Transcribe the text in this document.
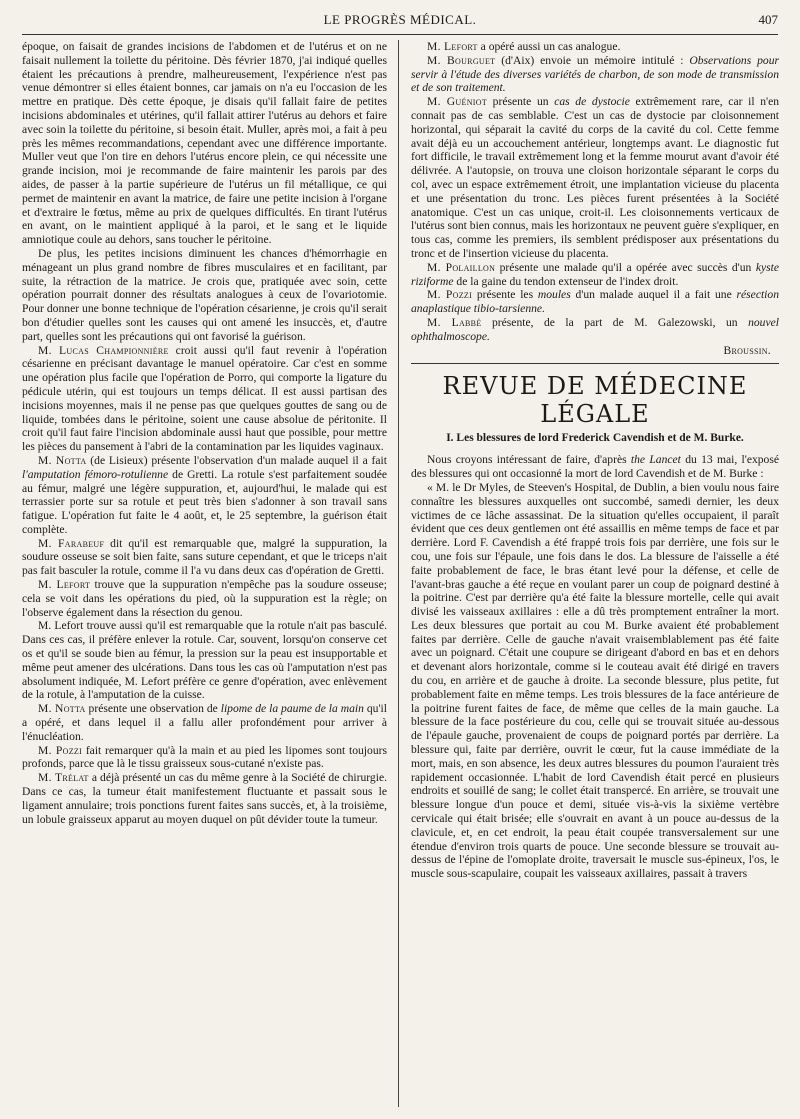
LE PROGRÈS MÉDICAL.	407

époque, on faisait de grandes incisions de l'abdomen et de l'utérus et on ne faisait nullement la toilette du péritoine. Dès février 1870, j'ai indiqué quelles étaient les précautions à prendre, malheureusement, l'expérience n'est pas venue démontrer si elles étaient bonnes, car jamais on n'a eu l'occasion de les mettre en pratique. Dès cette époque, je disais qu'il fallait faire de petites incisions abdominales et utérines, qu'il fallait attirer l'utérus au dehors et faire avec soin la toilette du péritoine, si besoin était. Muller, après moi, a fait à peu près les mêmes recommandations, cependant avec une différence importante. Muller veut que l'on tire en dehors l'utérus encore plein, ce qui nécessite une grande incision, moi je recommande de faire maintenir les parois par des aides, de passer à la partie supérieure de l'utérus un fil métallique, ce qui permet de maintenir en avant la matrice, de faire une petite incision à l'organe et d'extraire le fœtus, même au prix de quelques difficultés. En tirant l'utérus en avant, on le maintient appliqué à la paroi, et le sang et le liquide amniotique coule au dehors, sans toucher le péritoine.

De plus, les petites incisions diminuent les chances d'hémorrhagie en ménageant un plus grand nombre de fibres musculaires et en facilitant, par suite, la rétraction de la matrice. Je crois que, pratiquée avec soin, cette opération pourrait donner des résultats analogues à ceux de l'ovariotomie. Pour donner une bonne technique de l'opération césarienne, je crois qu'il serait bon d'étudier quelles sont les causes qui ont amené les insuccès, et, d'autre part, quelles sont les précautions qui ont favorisé la guérison.

M. Lucas Championnière croit aussi qu'il faut revenir à l'opération césarienne en précisant davantage le manuel opératoire. Car c'est en somme une opération plus facile que l'opération de Porro, qui comporte la ligature du pédicule utérin, qui est toujours un temps délicat. Il est aussi partisan des incisions moyennes, mais il ne pense pas que quelques gouttes de sang ou de liquide, tombées dans le péritoine, soient une cause absolue de péritonite. Il croit qu'il faut faire l'incision abdominale aussi haut que possible, pour mettre les pièces du pansement à l'abri de la contamination par les liquides vaginaux.

M. Notta (de Lisieux) présente l'observation d'un malade auquel il a fait l'amputation fémoro-rotulienne de Gretti. La rotule s'est parfaitement soudée au fémur, malgré une légère suppuration, et, aujourd'hui, le malade qui est terrassier porte sur sa rotule et peut très bien s'adonner à son travail sans fatigue. L'opération fut faite le 4 août, et, le 25 septembre, la guérison était complète.

M. Farabeuf dit qu'il est remarquable que, malgré la suppuration, la soudure osseuse se soit bien faite, sans suture cependant, et que le triceps n'ait pas fait basculer la rotule, comme il l'a vu dans deux cas d'opération de Gretti.

M. Lefort trouve que la suppuration n'empêche pas la soudure osseuse; cela se voit dans les opérations du pied, où la suppuration est la règle; on l'observe également dans la résection du genou.

M. Lefort trouve aussi qu'il est remarquable que la rotule n'ait pas basculé. Dans ces cas, il préfère enlever la rotule. Car, souvent, lorsqu'on conserve cet os et qu'il se soude bien au fémur, la pression sur la peau est insupportable et même peut amener des ulcérations. Dans tous les cas où l'amputation n'est pas absolument indiquée, M. Lefort préfère ce genre d'opération, avec enlèvement de la rotule, à l'amputation de la cuisse.

M. Notta présente une observation de lipome de la paume de la main qu'il a opéré, et dans lequel il a fallu aller profondément pour arriver à l'énucléation.

M. Pozzi fait remarquer qu'à la main et au pied les lipomes sont toujours profonds, parce que là le tissu graisseux sous-cutané n'existe pas.

M. Trélat a déjà présenté un cas du même genre à la Société de chirurgie. Dans ce cas, la tumeur était manifestement fluctuante et passait sous le ligament annulaire; trois ponctions furent faites sans succès, et, à la troisième, un lobule graisseux apparut au moyen duquel on pût dévider toute la tumeur.

M. Lefort a opéré aussi un cas analogue.

M. Bourguet (d'Aix) envoie un mémoire intitulé : Observations pour servir à l'étude des diverses variétés de charbon, de son mode de transmission et de son traitement.

M. Guéniot présente un cas de dystocie extrêmement rare, car il n'en connait pas de cas semblable. C'est un cas de dystocie par cloisonnement horizontal, qui séparait la cavité du corps de la cavité du col. Cette femme avait déjà eu un accouchement antérieur, longtemps avant. Le diagnostic fut fort difficile, le travail extrêmement long et la femme mourut avant d'avoir été délivrée. A l'autopsie, on trouva une cloison horizontale séparant le corps du col, avec un espace extrêmement étroit, une implantation vicieuse du placenta et une présentation du tronc. Les pièces furent présentées à la Société anatomique. C'est un cas unique, croit-il. Les cloisonnements verticaux de l'utérus sont bien connus, mais les horizontaux ne peuvent guère s'expliquer, en tous cas, comme les premiers, ils semblent prédisposer aux présentations du tronc et de l'insertion vicieuse du placenta.

M. Polaillon présente une malade qu'il a opérée avec succès d'un kyste riziforme de la gaine du tendon extenseur de l'index droit.

M. Pozzi présente les moules d'un malade auquel il a fait une résection anaplastique tibio-tarsienne.

M. Labbé présente, de la part de M. Galezowski, un nouvel ophthalmoscope.

Broussin.

REVUE DE MÉDECINE LÉGALE
I. Les blessures de lord Frederick Cavendish et de M. Burke.

Nous croyons intéressant de faire, d'après the Lancet du 13 mai, l'exposé des blessures qui ont occasionné la mort de lord Cavendish et de M. Burke :

« M. le Dr Myles, de Steeven's Hospital, de Dublin, a bien voulu nous faire connaître les blessures auxquelles ont succombé, samedi dernier, les deux victimes de ce lâche assassinat. De la situation qu'elles occupaient, il paraît évident que ces deux gentlemen ont été assaillis en même temps de face et par derrière. Lord F. Cavendish a été frappé trois fois par derrière, une fois sur le cou, une fois sur l'épaule, une fois dans le dos. La blessure de l'aisselle a été faite probablement de face, le bras étant levé pour la défense, et celle de l'avant-bras gauche a été reçue en voulant parer un coup de poignard destiné à la poitrine. C'est par derrière qu'a été faite la blessure mortelle, celle qui avait divisé les vaisseaux axillaires : elle a dû très promptement entraîner la mort. Les deux blessures que portait au cou M. Burke avaient été probablement faites par derrière. Celle de gauche n'avait vraisemblablement pas été faite avec un poignard. C'était une coupure se dirigeant d'abord en bas et en dehors et devenant alors horizontale, comme si le couteau avait été dirigé en travers du cou, en arrière et de gauche à droite. La seconde blessure, plus petite, fut probablement faite en même temps. Les trois blessures de la face antérieure de la poitrine furent faites de face, de même que celles de la main gauche. La blessure de la face postérieure du cou, celle qui se trouvait située au-dessous de l'épaule gauche, provenaient de coups de poignard portés par derrière. La blessure qui, faite par derrière, ouvrit le cœur, fut la cause immédiate de la mort, mais, en son absence, les deux autres blessures du poumon l'auraient très rapidement occasionnée. L'habit de lord Cavendish était percé en plusieurs endroits et souillé de sang; le collet était transpercé. En arrière, se trouvait une blessure longue d'un pouce et demi, située vis-à-vis la sixième vertèbre cervicale qui était brisée; elle s'ouvrait en avant à un pouce au-dessus de la clavicule, et, en cet endroit, la peau était coupée transversalement sur une étendue d'environ trois quarts de pouce. Une seconde blessure se trouvait au-dessus de l'épine de l'omoplate droite, traversait le muscle sus-épineux, l'os, le muscle sous-scapulaire, coupait les vaisseaux axillaires, passait à travers
